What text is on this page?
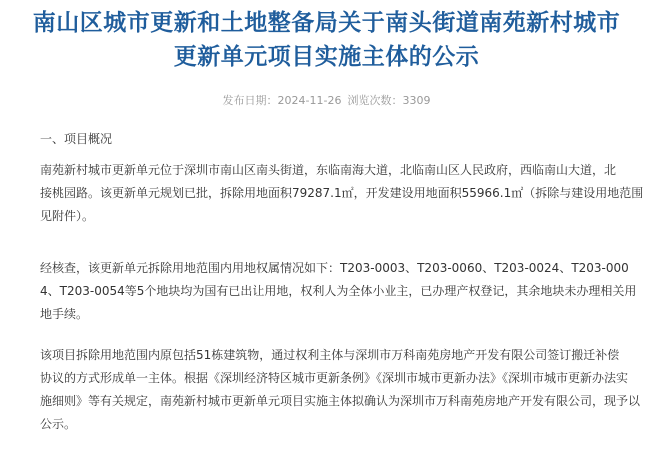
南山区城市更新和土地整备局关于南头街道南苑新村城市
更新单元项目实施主体的公示
发布日期：2024-11-26 浏览次数：3309
一、项目概况
南苑新村城市更新单元位于深圳市南山区南头街道，东临南海大道，北临南山区人民政府，西临南山大道，北
接桃园路。该更新单元规划已批，拆除用地面积79287.1㎡，开发建设用地面积55966.1㎡（拆除与建设用地范围
见附件）。
经核查，该更新单元拆除用地范围内用地权属情况如下：T203-0003、T203-0060、T203-0024、T203-000
4、T203-0054等5个地块均为国有已出让用地，权利人为全体小业主，已办理产权登记，其余地块未办理相关用
地手续。
该项目拆除用地范围内原包括51栋建筑物，通过权利主体与深圳市万科南苑房地产开发有限公司签订搬迁补偿
协议的方式形成单一主体。根据《深圳经济特区城市更新条例》《深圳市城市更新办法》《深圳市城市更新办法实
施细则》等有关规定，南苑新村城市更新单元项目实施主体拟确认为深圳市万科南苑房地产开发有限公司，现予以
公示。
